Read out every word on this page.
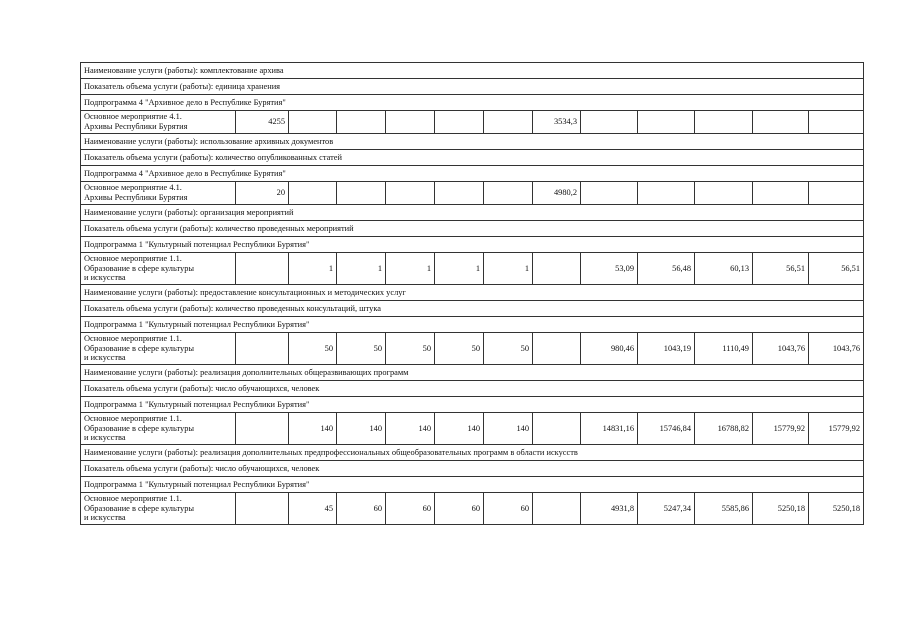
Наименование услуги (работы): комплектование архива												
Показатель объема услуги (работы): единица хранения												
Подпрограмма 4 "Архивное дело в Республике Бурятия"												

Основное мероприятие 4.1.
Архивы Республики Бурятия	4255						3534,3					
Наименование услуги (работы): использование архивных документов												
Показатель объема услуги (работы): количество опубликованных статей												
Подпрограмма 4 "Архивное дело в Республике Бурятия"												

Основное мероприятие 4.1.
Архивы Республики Бурятия	20						4980,2					
Наименование услуги (работы): организация мероприятий												
Показатель объема услуги (работы): количество проведенных мероприятий												
Подпрограмма 1 "Культурный потенциал Республики Бурятия"												

Основное мероприятие 1.1.
Образование в сфере культуры
и искусства		1	1	1	1	1		53,09	56,48	60,13	56,51	56,51
Наименование услуги (работы): предоставление консультационных и методических услуг												
Показатель объема услуги (работы): количество проведенных консультаций, штука												
Подпрограмма 1 "Культурный потенциал Республики Бурятия"												

Основное мероприятие 1.1.
Образование в сфере культуры
и искусства		50	50	50	50	50		980,46	1043,19	1110,49	1043,76	1043,76
Наименование услуги (работы): реализация дополнительных общеразвивающих программ												
Показатель объема услуги (работы): число обучающихся, человек												
Подпрограмма 1 "Культурный потенциал Республики Бурятия"												

Основное мероприятие 1.1.
Образование в сфере культуры
и искусства		140	140	140	140	140		14831,16	15746,84	16788,82	15779,92	15779,92
Наименование услуги (работы): реализация дополнительных предпрофессиональных общеобразовательных программ в области искусств												
Показатель объема услуги (работы): число обучающихся, человек												
Подпрограмма 1 "Культурный потенциал Республики Бурятия"												

Основное мероприятие 1.1.
Образование в сфере культуры
и искусства		45	60	60	60	60		4931,8	5247,34	5585,86	5250,18	5250,18
